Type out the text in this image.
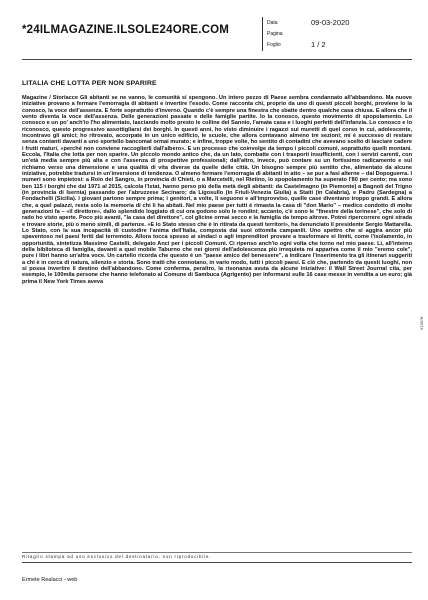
*24ILMAGAZINE.ILSOLE24ORE.COM
Data	09-03-2020
Pagina
Foglio	1 / 2
LITALIA CHE LOTTA PER NON SPARIRE
Magazine / Storiacce Gli abitanti se ne vanno, le comunità si spengono. Un intero pezzo di Paese sembra condannato all'abbandono. Ma nuove iniziative provano a fermare l'emorragia di abitanti e invertire l'esodo. Come racconta chi, proprio da uno di questi piccoli borghi, proviene lo la conosco, la voce dell'assenza. E forte soprattutto d'inverno. Quando c'è sempre una finestra che sbatte dentro qualche casa chiusa. E allora che il vento diventa la voce dell'assenza. Delle generazioni passate e delle famiglie partite. Io la conosco, questo movimento di spopolamento. Lo conosco e un po' anch'io l'ho alimentato, lasciando molto presto le colline del Sannio, l'amata casa e i luoghi perfetti dell'infanzia. Lo conosco e lo riconosco, questo progressivo assottigliarsi dei borghi. In questi anni, ho visto diminuire i ragazzi sui muretti di quel corso in cui, adolescente, incontravo gli amici; ho ritrovato, accorpate in un unico edificio, le scuole, che allora contavano almeno tre sezioni; mi è successo di restare senza contanti davanti a uno sportello bancomat ormai murato; e infine, troppe volte, ho sentito di contadini che avevano scelto di lasciare cadere i frutti maturi, «perché non conviene raccoglierli dall'albero». E un processo che coinvolge da tempo i piccoli comuni, soprattutto quelli montani. Eccola, l'Italia che lotta per non sparire. Un piccolo mondo antico che, da un lato, combatte con i trasporti insufficienti, con i servizi carenti, con un'età media sempre più alta e con l'assenza di prospettive professionali; dall'altro, invece, può contare su un fortissimo radicamento e sul richiamo verso una dimensione e una qualità di vita diverse da quelle delle città. Un bisogno sempre più sentito che, alimentato da alcune iniziative, potrebbe tradursi in un'inversione di tendenza. O almeno fermare l'emorragia di abitanti in atto – se pur a fasi alterne – dal Dopoguerra. I numeri sono impietosi: a Roio del Sangro, in provincia di Chieti, o a Marcetelli, nel Rietino, lo spopolamento ha superato l'80 per cento; ma sono ben 115 i borghi che dal 1971 al 2015, calcola l'Istat, hanno perso più della metà degli abitanti: da Castelmagno (in Piemonte) a Bagnoli del Trigno (in provincia di Isernia) passando per l'abruzzese Secinaro; da Ligosullo (in Friuli-Venezia Giulia) a Staiti (in Calabria), e Padru (Sardegna) a Fondachelli (Sicilia). I giovani partono sempre prima; i genitori, a volte, li seguono e all'improvviso, quelle case diventano troppo grandi. E allora che, a quel palazzi, resta solo la memoria di chi li ha abitati. Nel mio paese per tutti è rimasta la casa di "don Mario" – medico condotto di molte generazioni fa – «il direttore», dallo splendido loggiato di cui ora godono solo le rondini; accanto, c'è sono le "finestre della torinese", che solo di rado ho visto aperte. Poco più avanti, "la casa del direttore", col glicine ormai secco e la famiglia da tempo altrove. Potrei ripercorrere ogni strada e trovare storie, più o meno simili, di partenze. «E lo Stato stesso che è in ritirata da questi territori», ha denunciato il presidente Sergio Mattarella. Lo Stato, con la sua incapacità di custodire l'anima dell'Italia, composta dai suoi ottomila campanili. Uno spettro che si aggira ancor più spaventoso nei paesi feriti dal terremoto. Allora tocca spesso ai sindaci o agli imprenditori provare a trasformare ei limiti, come l'isolamento, in opportunità, sintetizza Massimo Castelli, delegato Anci per i piccoli Comuni. Ci ripenso anch'io ogni volta che torno nel mio paese. Lì, all'interno della biblioteca di famiglia, davanti a quel mobile Taburno che nei giorni dell'adolescenza più irrequieta mi appariva come il mio "eremo cole", pure i libri hanno un'altra voce. Un cartello ricorda che questo è un "paese amico del benessere", a indicare l'inserimento tra gli itinerari suggeriti a chi è in cerca di natura, silenzio e storia. Sono tratti che connotano, in vario modo, tutti i piccoli paesi. E ciò che, partendo da questi luoghi, non si possa invertire il destino dell'abbandono. Come conferma, peraltro, la risonanza avuta da alcune iniziative: il Wall Street Journal cita, per esempio, le 100mila persone che hanno telefonato al Comune di Sambuca (Agrigento) per informarsi sulle 16 case messe in vendita a un euro; già prima il New York Times aveva
Ritaglio stampa ad uso esclusivo del destinatario, non riproducibile.
Ermete Realacci - web
074978
